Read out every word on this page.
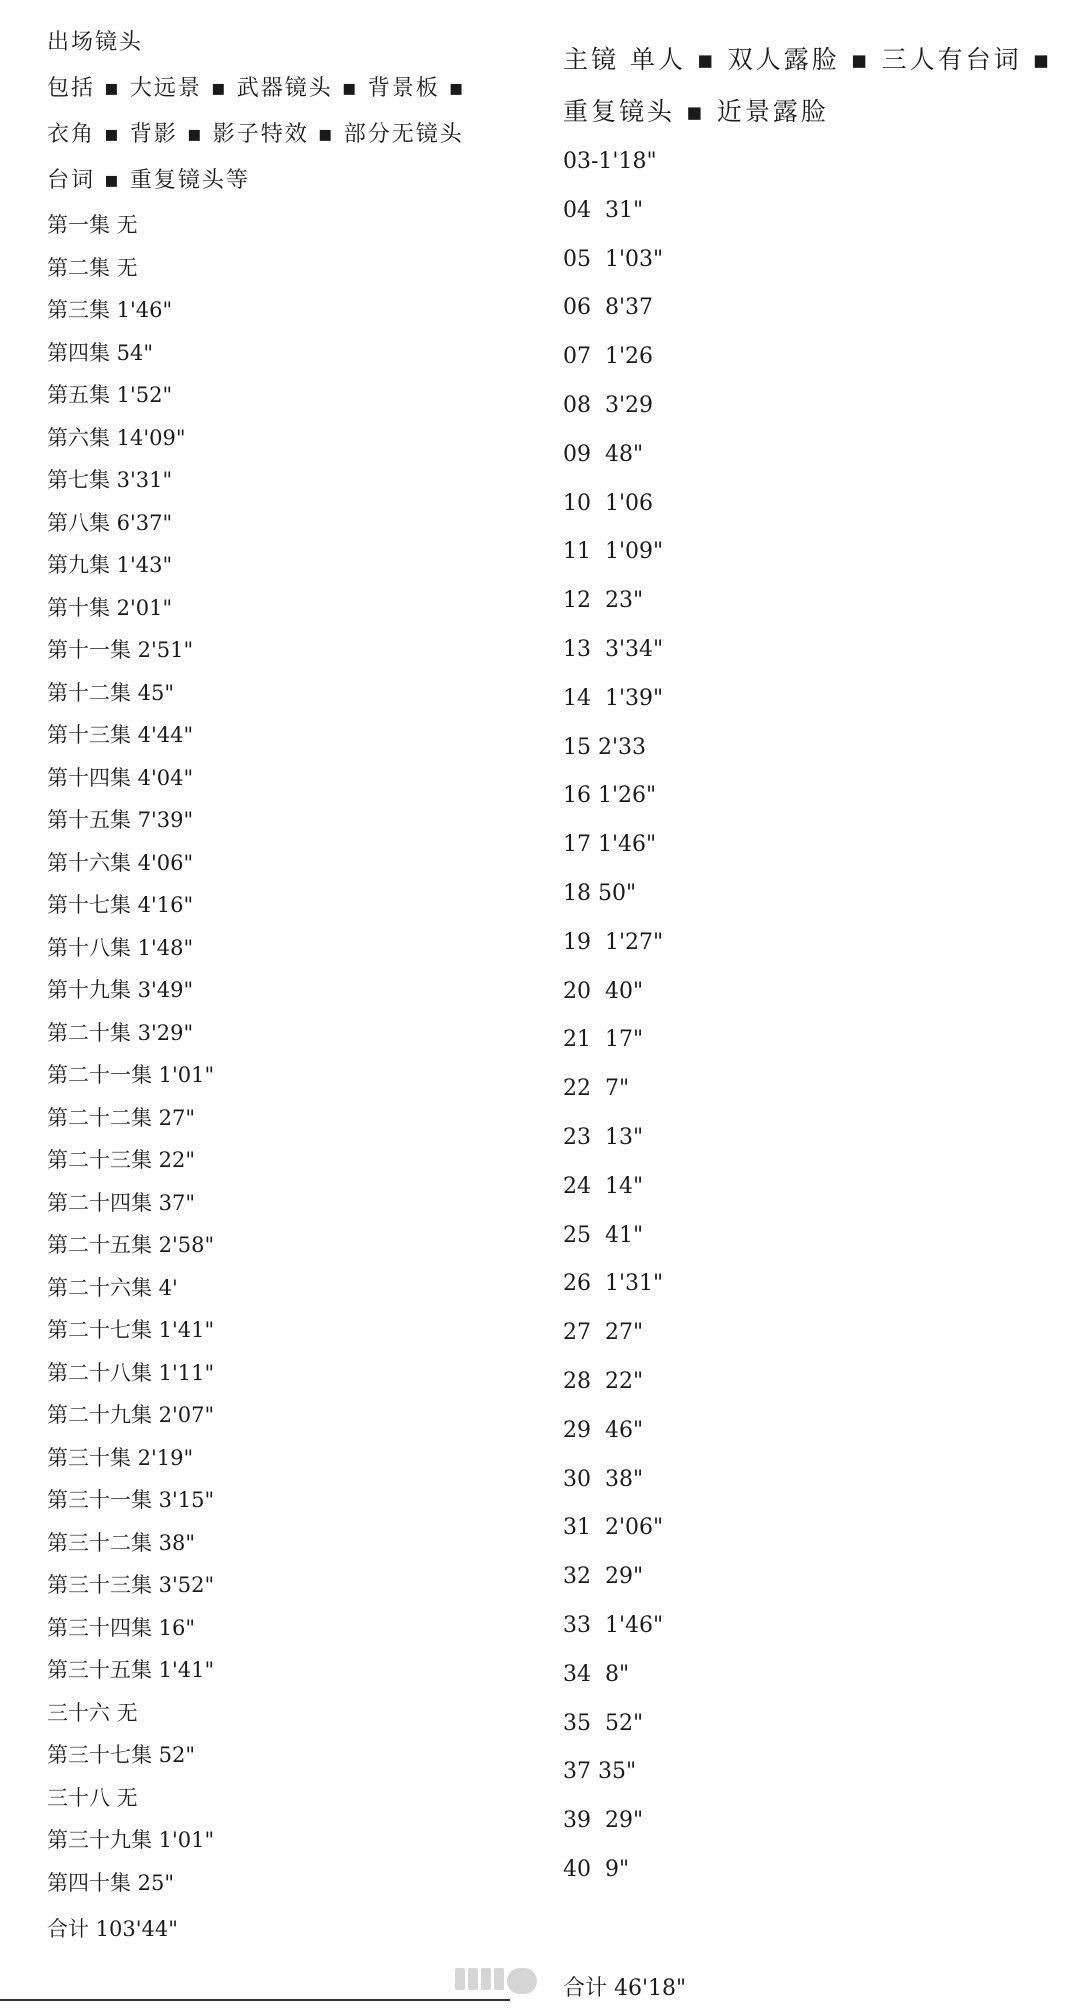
出场镜头
包括 ▪ 大远景 ▪ 武器镜头 ▪ 背景板 ▪
衣角 ▪ 背影 ▪ 影子特效 ▪ 部分无镜头
台词 ▪ 重复镜头等
第一集 无
第二集 无
第三集 1'46"
第四集 54"
第五集 1'52"
第六集 14'09"
第七集 3'31"
第八集 6'37"
第九集 1'43"
第十集 2'01"
第十一集 2'51"
第十二集 45"
第十三集 4'44"
第十四集 4'04"
第十五集 7'39"
第十六集 4'06"
第十七集 4'16"
第十八集 1'48"
第十九集 3'49"
第二十集 3'29"
第二十一集 1'01"
第二十二集 27"
第二十三集 22"
第二十四集 37"
第二十五集 2'58"
第二十六集 4'
第二十七集 1'41"
第二十八集 1'11"
第二十九集 2'07"
第三十集 2'19"
第三十一集 3'15"
第三十二集 38"
第三十三集 3'52"
第三十四集 16"
第三十五集 1'41"
三十六 无
第三十七集 52"
三十八 无
第三十九集 1'01"
第四十集 25"
合计 103'44"
主镜 单人 ▪ 双人露脸 ▪ 三人有台词 ▪
重复镜头 ▪ 近景露脸
03-1'18"
04  31"
05  1'03"
06  8'37
07  1'26
08  3'29
09  48"
10  1'06
11  1'09"
12  23"
13  3'34"
14  1'39"
15 2'33
16 1'26"
17 1'46"
18 50"
19  1'27"
20  40"
21  17"
22  7"
23  13"
24  14"
25  41"
26  1'31"
27  27"
28  22"
29  46"
30  38"
31  2'06"
32  29"
33  1'46"
34  8"
35  52"
37 35"
39  29"
40  9"
合计 46'18"
